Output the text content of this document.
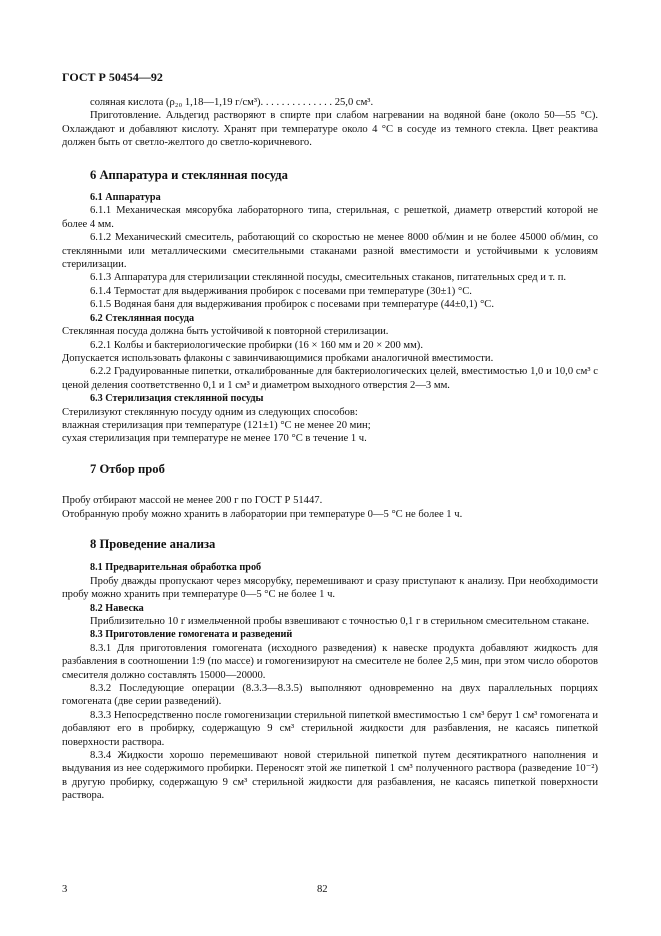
ГОСТ Р 50454—92

соляная кислота (ρ₂₀ 1,18—1,19 г/см³). . . . . . . . . . . . . . 25,0 см³.

Приготовление. Альдегид растворяют в спирте при слабом нагревании на водяной бане (около 50—55 °С). Охлаждают и добавляют кислоту. Хранят при температуре около 4 °С в сосуде из темного стекла. Цвет реактива должен быть от светло-желтого до светло-коричневого.

6 Аппаратура и стеклянная посуда
6.1 Аппаратура

6.1.1 Механическая мясорубка лабораторного типа, стерильная, с решеткой, диаметр отверстий которой не более 4 мм.

6.1.2 Механический смеситель, работающий со скоростью не менее 8000 об/мин и не более 45000 об/мин, со стеклянными или металлическими смесительными стаканами разной вместимости и устойчивыми к условиям стерилизации.

6.1.3 Аппаратура для стерилизации стеклянной посуды, смесительных стаканов, питательных сред и т. п.

6.1.4 Термостат для выдерживания пробирок с посевами при температуре (30±1) °С.

6.1.5 Водяная баня для выдерживания пробирок с посевами при температуре (44±0,1) °С.

6.2 Стеклянная посуда

Стеклянная посуда должна быть устойчивой к повторной стерилизации.

6.2.1 Колбы и бактериологические пробирки (16 × 160 мм и 20 × 200 мм).

Допускается использовать флаконы с завинчивающимися пробками аналогичной вместимости.

6.2.2 Градуированные пипетки, откалиброванные для бактериологических целей, вместимостью 1,0 и 10,0 см³ с ценой деления соответственно 0,1 и 1 см³ и диаметром выходного отверстия 2—3 мм.

6.3 Стерилизация стеклянной посуды

Стерилизуют стеклянную посуду одним из следующих способов:

влажная стерилизация при температуре (121±1) °С не менее 20 мин;

сухая стерилизация при температуре не менее 170 °С в течение 1 ч.

7 Отбор проб

Пробу отбирают массой не менее 200 г по ГОСТ Р 51447.

Отобранную пробу можно хранить в лаборатории при температуре 0—5 °С не более 1 ч.

8 Проведение анализа
8.1 Предварительная обработка проб

Пробу дважды пропускают через мясорубку, перемешивают и сразу приступают к анализу. При необходимости пробу можно хранить при температуре 0—5 °С не более 1 ч.

8.2 Навеска

Приблизительно 10 г измельченной пробы взвешивают с точностью 0,1 г в стерильном смесительном стакане.

8.3 Приготовление гомогената и разведений

8.3.1 Для приготовления гомогената (исходного разведения) к навеске продукта добавляют жидкость для разбавления в соотношении 1:9 (по массе) и гомогенизируют на смесителе не более 2,5 мин, при этом число оборотов смесителя должно составлять 15000—20000.

8.3.2 Последующие операции (8.3.3—8.3.5) выполняют одновременно на двух параллельных порциях гомогената (две серии разведений).

8.3.3 Непосредственно после гомогенизации стерильной пипеткой вместимостью 1 см³ берут 1 см³ гомогената и добавляют его в пробирку, содержащую 9 см³ стерильной жидкости для разбавления, не касаясь пипеткой поверхности раствора.

8.3.4 Жидкости хорошо перемешивают новой стерильной пипеткой путем десятикратного наполнения и выдувания из нее содержимого пробирки. Переносят этой же пипеткой 1 см³ полученного раствора (разведение 10⁻²) в другую пробирку, содержащую 9 см³ стерильной жидкости для разбавления, не касаясь пипеткой поверхности раствора.

3	82
